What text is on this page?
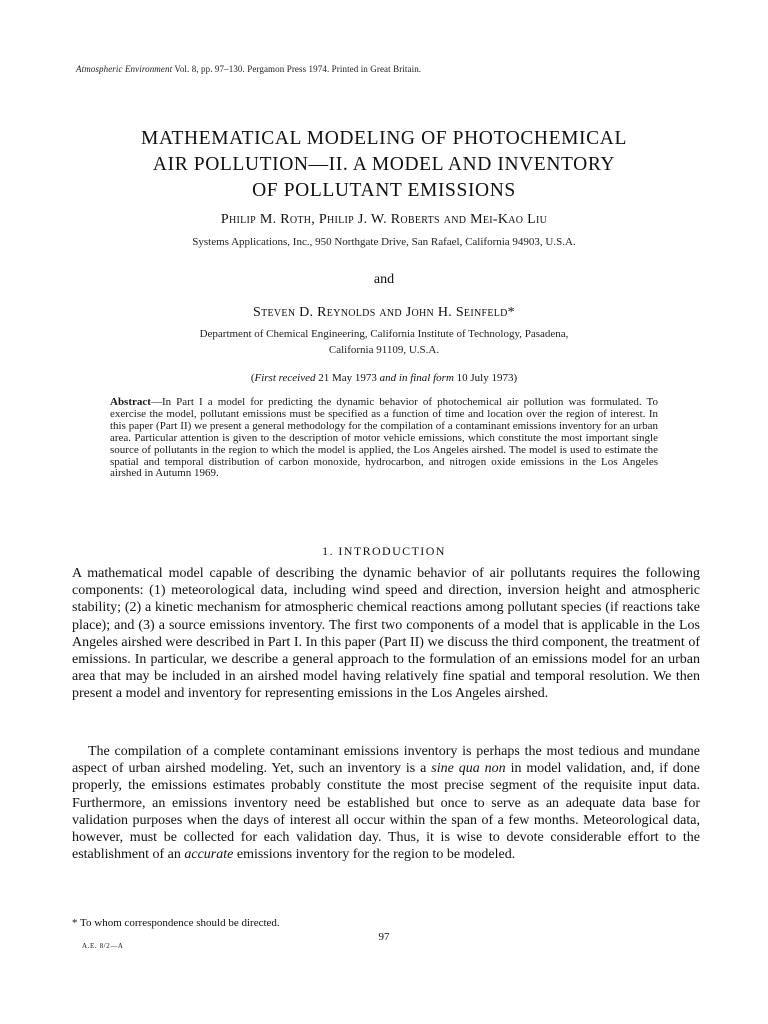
Atmospheric Environment Vol. 8, pp. 97–130. Pergamon Press 1974. Printed in Great Britain.
MATHEMATICAL MODELING OF PHOTOCHEMICAL
AIR POLLUTION—II. A MODEL AND INVENTORY
OF POLLUTANT EMISSIONS
Philip M. Roth, Philip J. W. Roberts and Mei-Kao Liu
Systems Applications, Inc., 950 Northgate Drive, San Rafael, California 94903, U.S.A.
and
Steven D. Reynolds and John H. Seinfeld*
Department of Chemical Engineering, California Institute of Technology, Pasadena,
California 91109, U.S.A.
(First received 21 May 1973 and in final form 10 July 1973)
Abstract—In Part I a model for predicting the dynamic behavior of photochemical air pollution was formulated. To exercise the model, pollutant emissions must be specified as a function of time and location over the region of interest. In this paper (Part II) we present a general methodology for the compilation of a contaminant emissions inventory for an urban area. Particular attention is given to the description of motor vehicle emissions, which constitute the most important single source of pollutants in the region to which the model is applied, the Los Angeles airshed. The model is used to estimate the spatial and temporal distribution of carbon monoxide, hydrocarbon, and nitrogen oxide emissions in the Los Angeles airshed in Autumn 1969.
1. INTRODUCTION

A mathematical model capable of describing the dynamic behavior of air pollutants requires the following components: (1) meteorological data, including wind speed and direction, inversion height and atmospheric stability; (2) a kinetic mechanism for atmospheric chemical reactions among pollutant species (if reactions take place); and (3) a source emissions inventory. The first two components of a model that is applicable in the Los Angeles airshed were described in Part I. In this paper (Part II) we discuss the third component, the treatment of emissions. In particular, we describe a general approach to the formulation of an emissions model for an urban area that may be included in an airshed model having relatively fine spatial and temporal resolution. We then present a model and inventory for representing emissions in the Los Angeles airshed.

The compilation of a complete contaminant emissions inventory is perhaps the most tedious and mundane aspect of urban airshed modeling. Yet, such an inventory is a sine qua non in model validation, and, if done properly, the emissions estimates probably constitute the most precise segment of the requisite input data. Furthermore, an emissions inventory need be established but once to serve as an adequate data base for validation purposes when the days of interest all occur within the span of a few months. Meteorological data, however, must be collected for each validation day. Thus, it is wise to devote considerable effort to the establishment of an accurate emissions inventory for the region to be modeled.

* To whom correspondence should be directed.
97
A.E. 8/2—A
